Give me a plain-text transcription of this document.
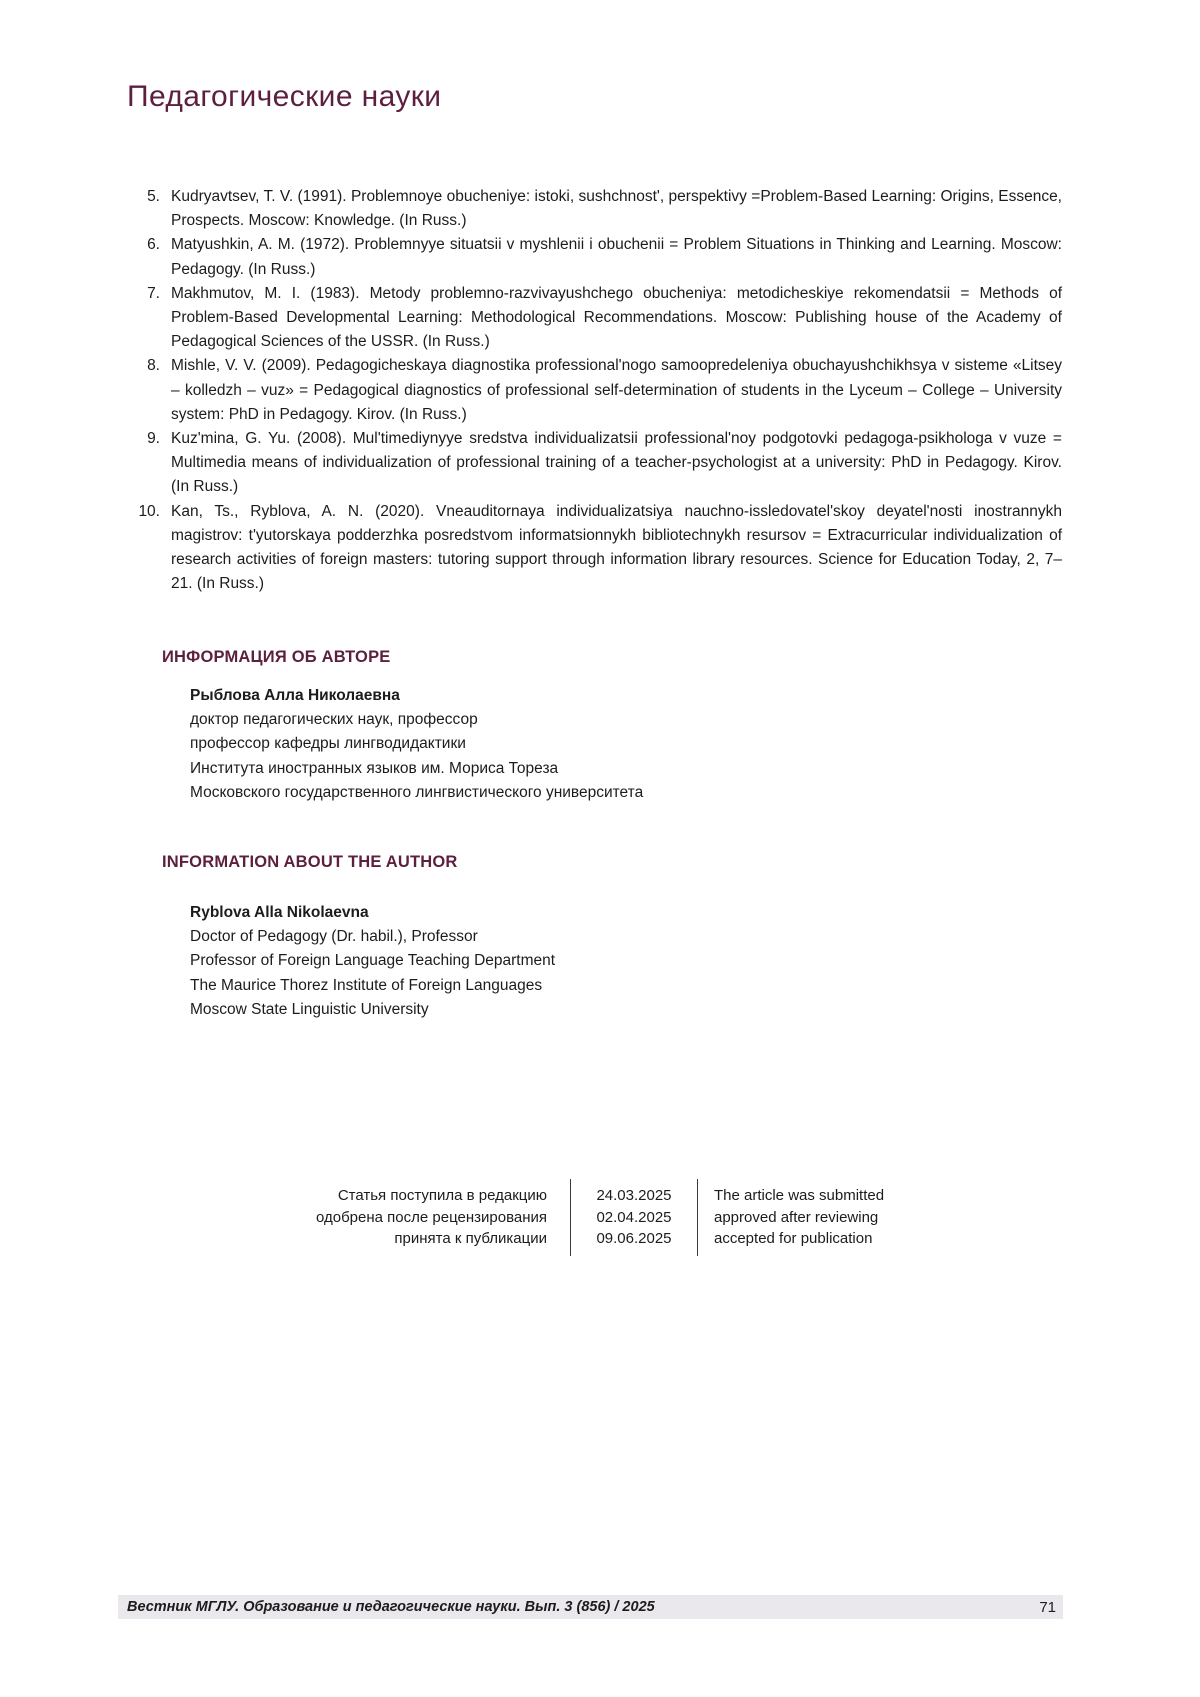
Педагогические науки
5. Kudryavtsev, T. V. (1991). Problemnoye obucheniye: istoki, sushchnost', perspektivy =Problem-Based Learning: Origins, Essence, Prospects. Moscow: Knowledge. (In Russ.)
6. Matyushkin, A. M. (1972). Problemnyye situatsii v myshlenii i obuchenii = Problem Situations in Thinking and Learning. Moscow: Pedagogy. (In Russ.)
7. Makhmutov, M. I. (1983). Metody problemno-razvivayushchego obucheniya: metodicheskiye rekomendatsii = Methods of Problem-Based Developmental Learning: Methodological Recommendations. Moscow: Publishing house of the Academy of Pedagogical Sciences of the USSR. (In Russ.)
8. Mishle, V. V. (2009). Pedagogicheskaya diagnostika professional'nogo samoopredeleniya obuchayushchikhsya v sisteme «Litsey – kolledzh – vuz» = Pedagogical diagnostics of professional self-determination of students in the Lyceum – College – University system: PhD in Pedagogy. Kirov. (In Russ.)
9. Kuz'mina, G. Yu. (2008). Mul'timediynyye sredstva individualizatsii professional'noy podgotovki pedagoga-psikhologa v vuze = Multimedia means of individualization of professional training of a teacher-psychologist at a university: PhD in Pedagogy. Kirov. (In Russ.)
10. Kan, Ts., Ryblova, A. N. (2020). Vneauditornaya individualizatsiya nauchno-issledovatel'skoy deyatel'nosti inostrannykh magistrov: t'yutorskaya podderzhka posredstvom informatsionnykh bibliotechnykh resursov = Extracurricular individualization of research activities of foreign masters: tutoring support through information library resources. Science for Education Today, 2, 7–21. (In Russ.)
ИНФОРМАЦИЯ ОБ АВТОРЕ
Рыблова Алла Николаевна
доктор педагогических наук, профессор
профессор кафедры лингводидактики
Института иностранных языков им. Мориса Тореза
Московского государственного лингвистического университета
INFORMATION ABOUT THE AUTHOR
Ryblova Alla Nikolaevna
Doctor of Pedagogy (Dr. habil.), Professor
Professor of Foreign Language Teaching Department
The Maurice Thorez Institute of Foreign Languages
Moscow State Linguistic University
Статья поступила в редакцию
одобрена после рецензирования
принята к публикации
24.03.2025
02.04.2025
09.06.2025
The article was submitted
approved after reviewing
accepted for publication
Вестник МГЛУ. Образование и педагогические науки. Вып. 3 (856) / 2025	71
